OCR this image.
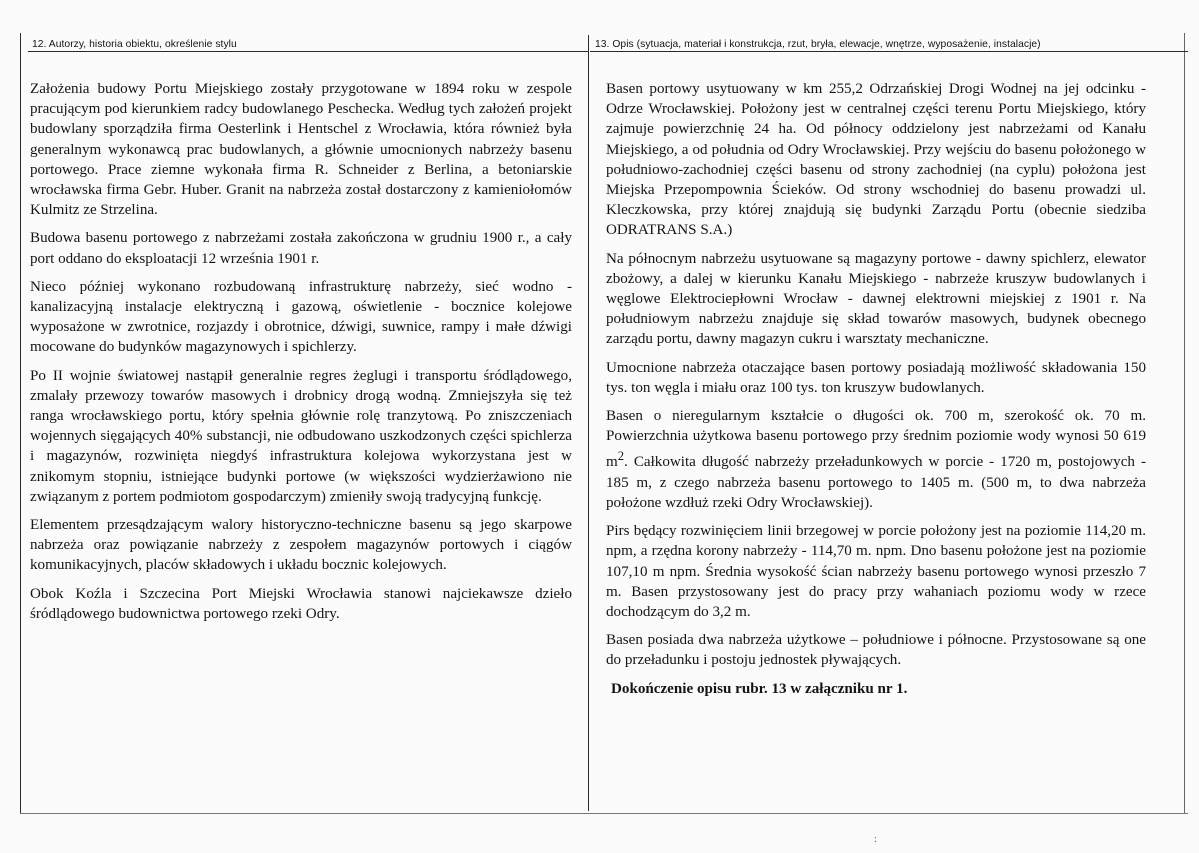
12. Autorzy, historia obiektu, określenie stylu	13. Opis (sytuacja, materiał i konstrukcja, rzut, bryła, elewacje, wnętrze, wyposażenie, instalacje)

Założenia budowy Portu Miejskiego zostały przygotowane w 1894 roku w zespole pracującym pod kierunkiem radcy budowlanego Peschecka. Według tych założeń projekt budowlany sporządziła firma Oesterlink i Hentschel z Wrocławia, która również była generalnym wykonawcą prac budowlanych, a głównie umocnionych nabrzeży basenu portowego. Prace ziemne wykonała firma R. Schneider z Berlina, a betoniarskie wrocławska firma Gebr. Huber. Granit na nabrzeża został dostarczony z kamieniołomów Kulmitz ze Strzelina.

Budowa basenu portowego z nabrzeżami została zakończona w grudniu 1900 r., a cały port oddano do eksploatacji 12 września 1901 r.

Nieco później wykonano rozbudowaną infrastrukturę nabrzeży, sieć wodno - kanalizacyjną instalacje elektryczną i gazową, oświetlenie - bocznice kolejowe wyposażone w zwrotnice, rozjazdy i obrotnice, dźwigi, suwnice, rampy i małe dźwigi mocowane do budynków magazynowych i spichlerzy.

Po II wojnie światowej nastąpił generalnie regres żeglugi i transportu śródlądowego, zmalały przewozy towarów masowych i drobnicy drogą wodną. Zmniejszyła się też ranga wrocławskiego portu, który spełnia głównie rolę tranzytową. Po zniszczeniach wojennych sięgających 40% substancji, nie odbudowano uszkodzonych części spichlerza i magazynów, rozwinięta niegdyś infrastruktura kolejowa wykorzystana jest w znikomym stopniu, istniejące budynki portowe (w większości wydzierżawiono nie związanym z portem podmiotom gospodarczym) zmieniły swoją tradycyjną funkcję.

Elementem przesądzającym walory historyczno-techniczne basenu są jego skarpowe nabrzeża oraz powiązanie nabrzeży z zespołem magazynów portowych i ciągów komunikacyjnych, placów składowych i układu bocznic kolejowych.

Obok Koźla i Szczecina Port Miejski Wrocławia stanowi najciekawsze dzieło śródlądowego budownictwa portowego rzeki Odry.

Basen portowy usytuowany w km 255,2 Odrzańskiej Drogi Wodnej na jej odcinku - Odrze Wrocławskiej. Położony jest w centralnej części terenu Portu Miejskiego, który zajmuje powierzchnię 24 ha. Od północy oddzielony jest nabrzeżami od Kanału Miejskiego, a od południa od Odry Wrocławskiej. Przy wejściu do basenu położonego w południowo-zachodniej części basenu od strony zachodniej (na cyplu) położona jest Miejska Przepompownia Ścieków. Od strony wschodniej do basenu prowadzi ul. Kleczkowska, przy której znajdują się budynki Zarządu Portu (obecnie siedziba ODRATRANS S.A.)

Na północnym nabrzeżu usytuowane są magazyny portowe - dawny spichlerz, elewator zbożowy, a dalej w kierunku Kanału Miejskiego - nabrzeże kruszyw budowlanych i węglowe Elektrociepłowni Wrocław - dawnej elektrowni miejskiej z 1901 r. Na południowym nabrzeżu znajduje się skład towarów masowych, budynek obecnego zarządu portu, dawny magazyn cukru i warsztaty mechaniczne.

Umocnione nabrzeża otaczające basen portowy posiadają możliwość składowania 150 tys. ton węgla i miału oraz 100 tys. ton kruszyw budowlanych.

Basen o nieregularnym kształcie o długości ok. 700 m, szerokość ok. 70 m. Powierzchnia użytkowa basenu portowego przy średnim poziomie wody wynosi 50 619 $m^2$. Całkowita długość nabrzeży przeładunkowych w porcie - 1720 m, postojowych - 185 m, z czego nabrzeża basenu portowego to 1405 m. (500 m, to dwa nabrzeża położone wzdłuż rzeki Odry Wrocławskiej).

Pirs będący rozwinięciem linii brzegowej w porcie położony jest na poziomie 114,20 m. npm, a rzędna korony nabrzeży - 114,70 m. npm. Dno basenu położone jest na poziomie 107,10 m npm. Średnia wysokość ścian nabrzeży basenu portowego wynosi przeszło 7 m. Basen przystosowany jest do pracy przy wahaniach poziomu wody w rzece dochodzącym do 3,2 m.

Basen posiada dwa nabrzeża użytkowe – południowe i północne. Przystosowane są one do przeładunku i postoju jednostek pływających.

Dokończenie opisu rubr. 13 w załączniku nr 1.

:
